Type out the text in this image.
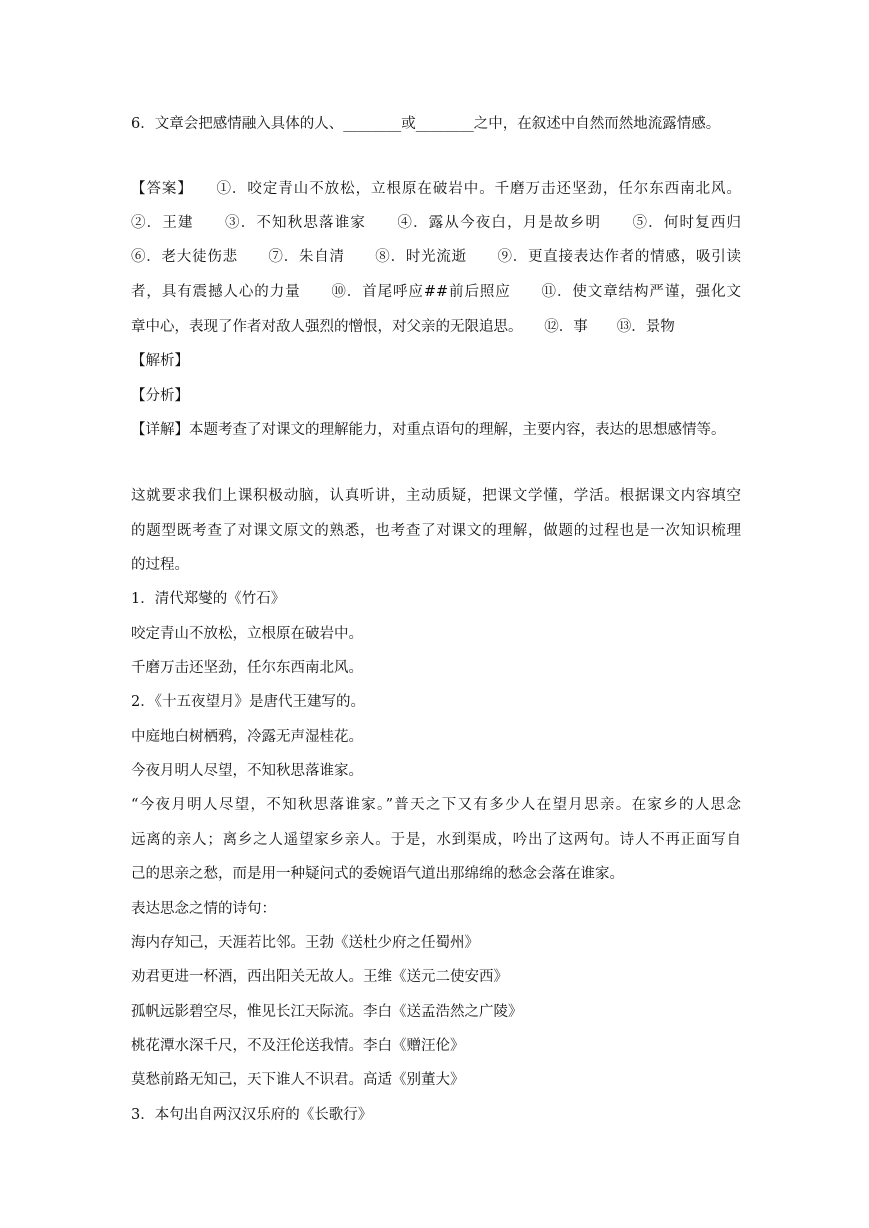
6．文章会把感情融入具体的人、________或________之中，在叙述中自然而然地流露情感。
【答案】　　①．咬定青山不放松，立根原在破岩中。千磨万击还坚劲，任尔东西南北风。
②．王建　　③．不知秋思落谁家　　④．露从今夜白，月是故乡明　　⑤．何时复西归
⑥．老大徒伤悲　　⑦．朱自清　　⑧．时光流逝　　⑨．更直接表达作者的情感，吸引读
者，具有震撼人心的力量　　⑩．首尾呼应##前后照应　　⑪．使文章结构严谨，强化文
章中心，表现了作者对敌人强烈的憎恨，对父亲的无限追思。　　⑫．事　　⑬．景物
【解析】
【分析】
【详解】本题考查了对课文的理解能力，对重点语句的理解，主要内容，表达的思想感情等。
这就要求我们上课积极动脑，认真听讲，主动质疑，把课文学懂，学活。根据课文内容填空
的题型既考查了对课文原文的熟悉，也考查了对课文的理解，做题的过程也是一次知识梳理
的过程。
1．清代郑燮的《竹石》
咬定青山不放松，立根原在破岩中。
千磨万击还坚劲，任尔东西南北风。
2．《十五夜望月》是唐代王建写的。
中庭地白树栖鸦，冷露无声湿桂花。
今夜月明人尽望，不知秋思落谁家。
“今夜月明人尽望，不知秋思落谁家。”普天之下又有多少人在望月思亲。在家乡的人思念
远离的亲人；离乡之人遥望家乡亲人。于是，水到渠成，吟出了这两句。诗人不再正面写自
己的思亲之愁，而是用一种疑问式的委婉语气道出那绵绵的愁念会落在谁家。
表达思念之情的诗句：
海内存知己，天涯若比邻。王勃《送杜少府之任蜀州》
劝君更进一杯酒，西出阳关无故人。王维《送元二使安西》
孤帆远影碧空尽，惟见长江天际流。李白《送孟浩然之广陵》
桃花潭水深千尺，不及汪伦送我情。李白《赠汪伦》
莫愁前路无知己，天下谁人不识君。高适《别董大》
3．本句出自两汉汉乐府的《长歌行》
